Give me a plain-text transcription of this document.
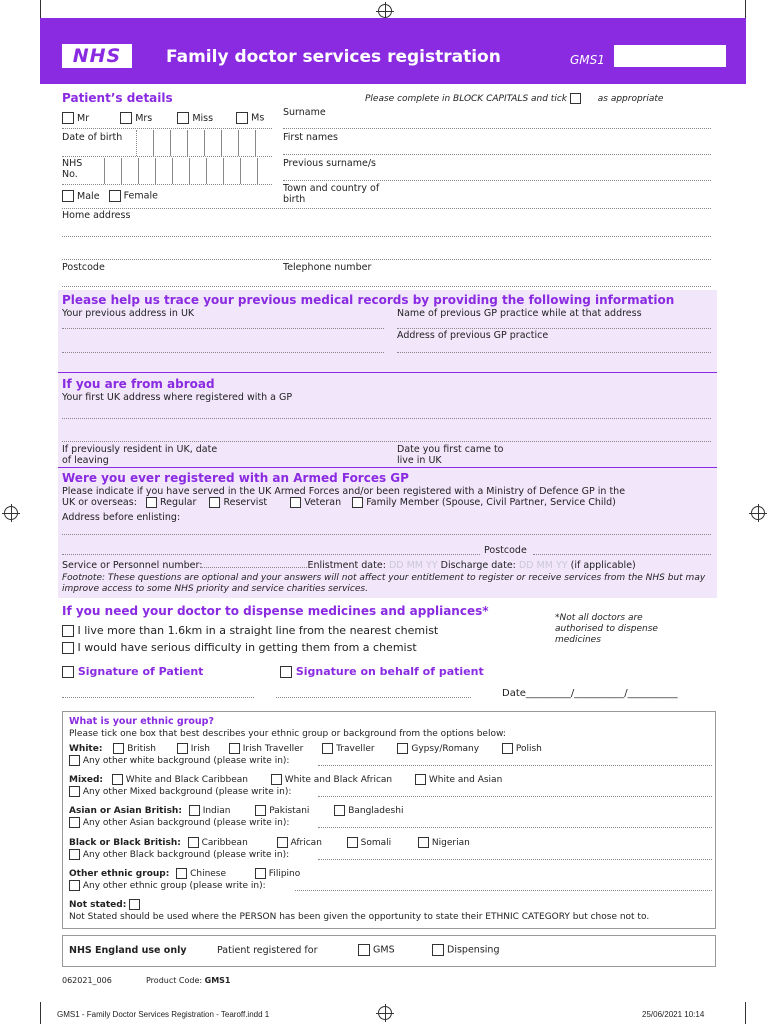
NHS	Family doctor services registration	GMS1
Patient’s details	Please complete in BLOCK CAPITALS and tick	as appropriate
Mr	Mrs	Miss	Ms
Date of birth
NHS No.
Male	Female
Surname
First names
Previous surname/s
Town and country of birth
Home address
Postcode	Telephone number
Please help us trace your previous medical records by providing the following information
Your previous address in UK	Name of previous GP practice while at that address
Address of previous GP practice
If you are from abroad
Your first UK address where registered with a GP
If previously resident in UK, date of leaving
Date you first came to live in UK
Were you ever registered with an Armed Forces GP
Please indicate if you have served in the UK Armed Forces and/or been registered with a Ministry of Defence GP in the
UK or overseas: Regular	Reservist	Veteran	Family Member (Spouse, Civil Partner, Service Child)
Address before enlisting:
Postcode
Service or Personnel number:	Enlistment date: DD MM YY Discharge date: DD MM YY (if applicable)
Footnote: These questions are optional and your answers will not affect your entitlement to register or receive services from the NHS but may improve access to some NHS priority and service charities services.
If you need your doctor to dispense medicines and appliances*
I live more than 1.6km in a straight line from the nearest chemist
I would have serious difficulty in getting them from a chemist
*Not all doctors are authorised to dispense medicines
Signature of Patient	Signature on behalf of patient
Date_________/__________/__________
What is your ethnic group?
Please tick one box that best describes your ethnic group or background from the options below:
White:	British	Irish	Irish Traveller	Traveller	Gypsy/Romany	Polish
Any other white background (please write in):
Mixed:	White and Black Caribbean	White and Black African	White and Asian
Any other Mixed background (please write in):
Asian or Asian British: Indian	Pakistani	Bangladeshi
Any other Asian background (please write in):
Black or Black British: Caribbean	African	Somali	Nigerian
Any other Black background (please write in):
Other ethnic group: Chinese	Filipino
Any other ethnic group (please write in):
Not stated:
Not Stated should be used where the PERSON has been given the opportunity to state their ETHNIC CATEGORY but chose not to.
NHS England use only	Patient registered for	GMS	Dispensing
062021_006	Product Code: GMS1
GMS1 - Family Doctor Services Registration - Tearoff.indd 1	25/06/2021 10:14
